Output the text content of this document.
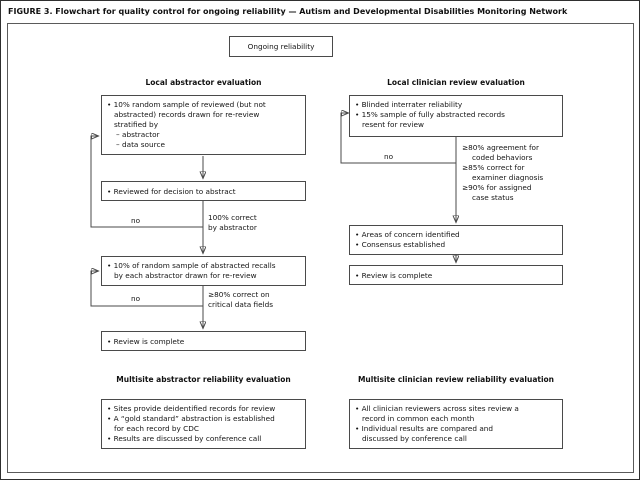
FIGURE 3. Flowchart for quality control for ongoing reliability — Autism and Developmental Disabilities Monitoring Network
Ongoing reliability
Local abstractor evaluation	Local clinician review evaluation
• 10% random sample of reviewed (but not
abstracted) records drawn for re-review
stratified by
– abstractor
– data source
• Reviewed for decision to abstract
no	100% correct
by abstractor
• 10% of random sample of abstracted recalls
by each abstractor drawn for re-review
no	≥80% correct on
critical data fields
• Review is complete
• Blinded interrater reliability
• 15% sample of fully abstracted records
resent for review
no
≥80% agreement for
coded behaviors
≥85% correct for
examiner diagnosis
≥90% for assigned
case status
• Areas of concern identified
• Consensus established
• Review is complete
Multisite abstractor reliability evaluation	Multisite clinician review reliability evaluation
• Sites provide deidentified records for review
• A “gold standard” abstraction is established
for each record by CDC
• Results are discussed by conference call
• All clinician reviewers across sites review a
record in common each month
• Individual results are compared and
discussed by conference call
